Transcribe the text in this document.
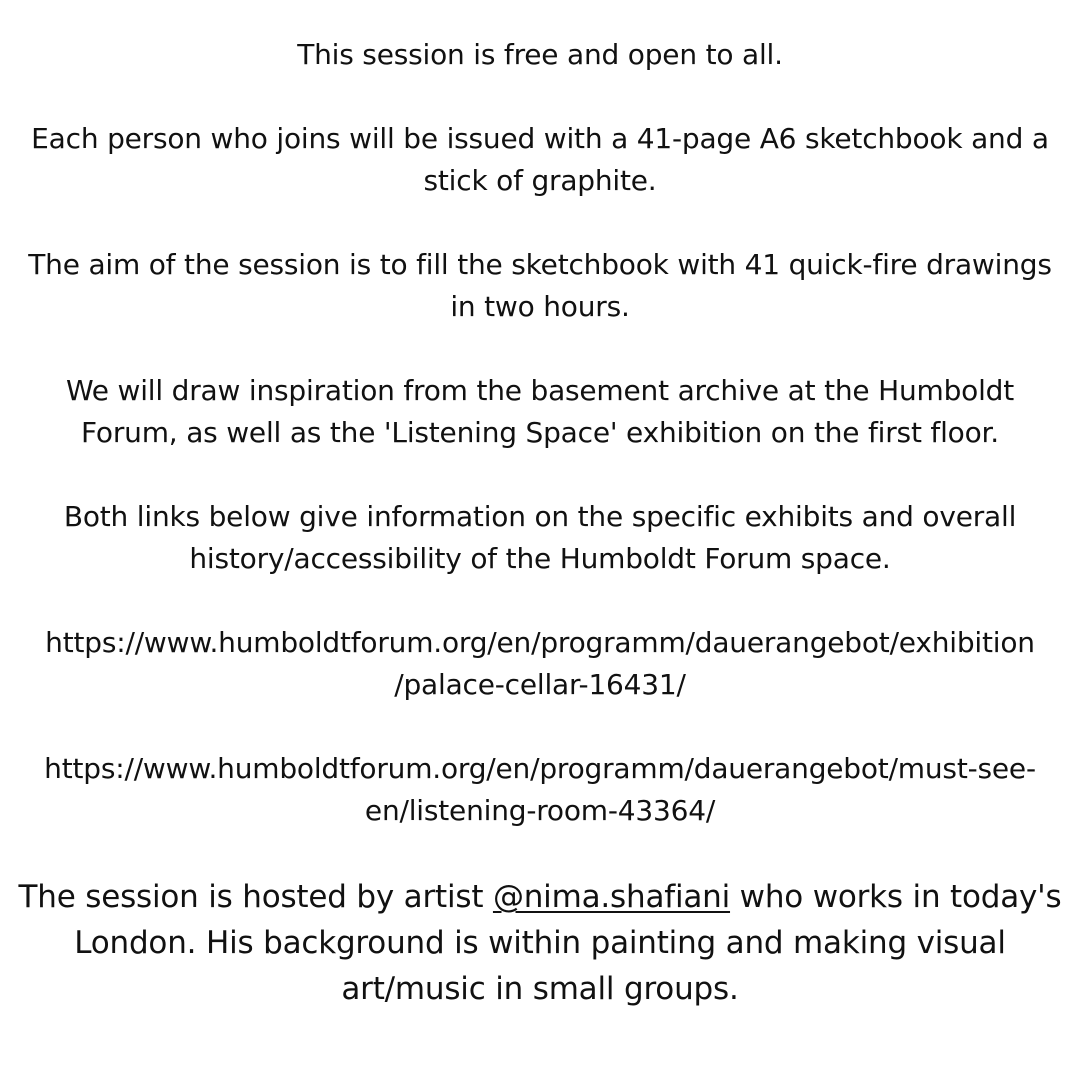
This session is free and open to all.
Each person who joins will be issued with a 41-page A6 sketchbook and a
stick of graphite.
The aim of the session is to fill the sketchbook with 41 quick-fire drawings
in two hours.
We will draw inspiration from the basement archive at the Humboldt
Forum, as well as the 'Listening Space' exhibition on the first floor.
Both links below give information on the specific exhibits and overall
history/accessibility of the Humboldt Forum space.
https://www.humboldtforum.org/en/programm/dauerangebot/exhibition
/palace-cellar-16431/
https://www.humboldtforum.org/en/programm/dauerangebot/must-see-
en/listening-room-43364/
The session is hosted by artist @nima.shafiani who works in today's
London. His background is within painting and making visual
art/music in small groups.
